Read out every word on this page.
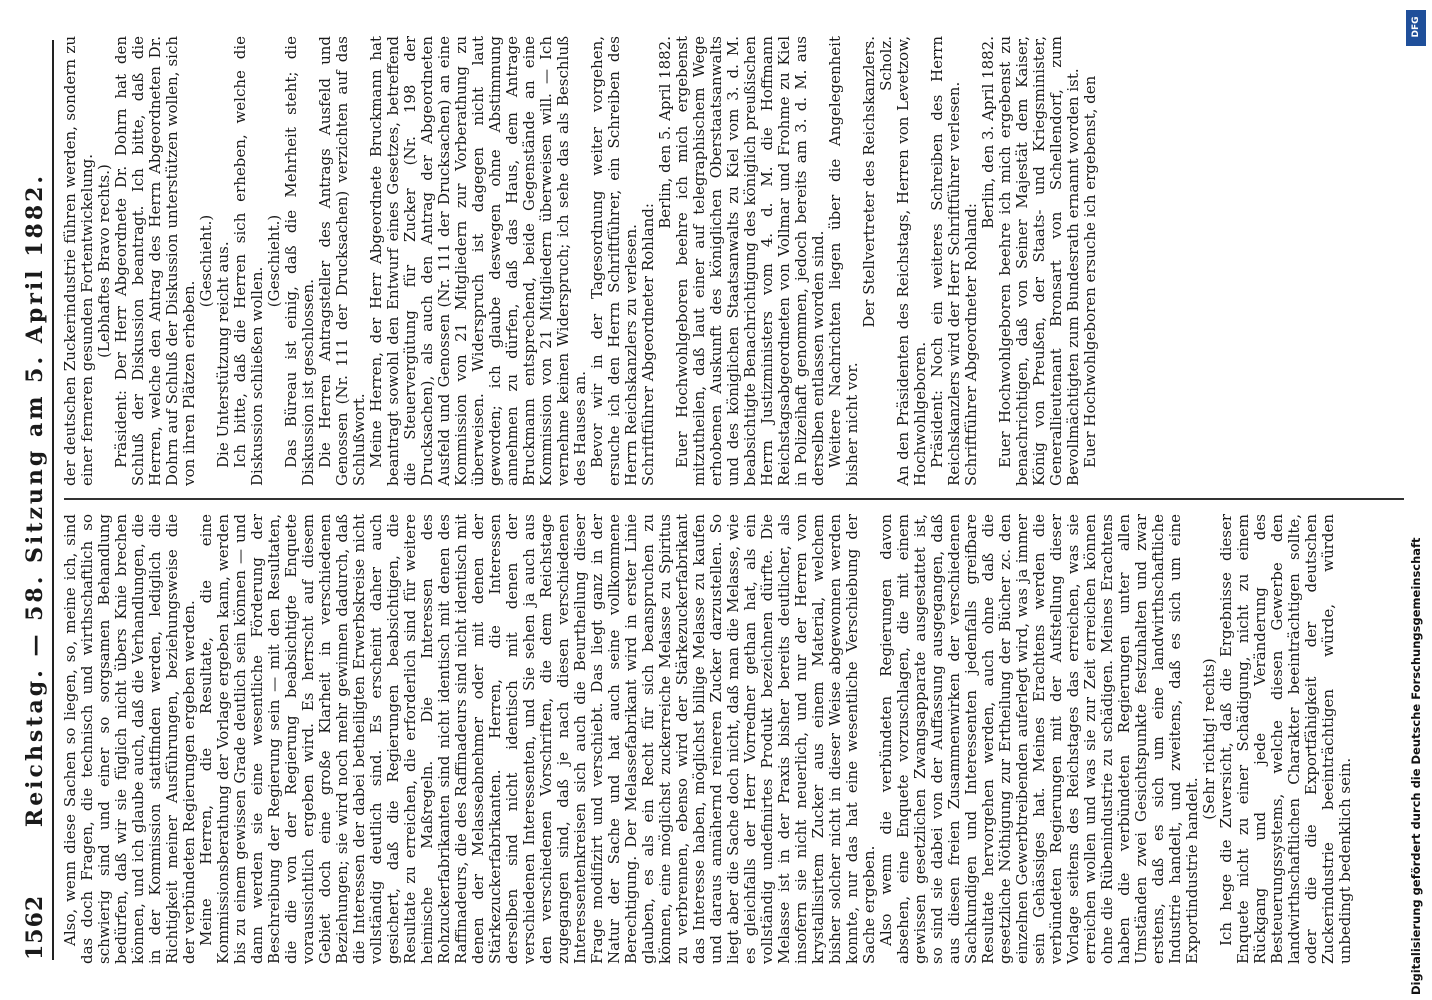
1562
Reichstag. — 58. Sitzung am 5. April 1882. Also, wenn diese Sachen so liegen, so, meine ich, sind das doch Fragen, die technisch und wirthschaftlich so schwierig sind und einer so sorgsamen Behandlung bedürfen, daß wir sie füglich nicht übers Knie brechen können, und ich glaube auch, daß die Verhandlungen, die in der Kommission stattfinden werden, lediglich die Richtigkeit meiner Ausführungen, beziehungsweise die der verbündeten Regierungen ergeben werden. Meine Herren, die Resultate, die eine Kommissionsberathung der Vorlage ergeben kann, werden bis zu einem gewissen Grade deutlich sein können — und dann werden sie eine wesentliche Förderung der Beschreibung der Regierung sein — mit den Resultaten, die die von der Regierung beabsichtigte Enquete voraussichtlich ergeben wird. Es herrscht auf diesem Gebiet doch eine große Klarheit in verschiedenen Beziehungen; sie wird noch mehr gewinnen dadurch, daß die Interessen der dabei betheiligten Erwerbskreise nicht vollständig deutlich sind. Es erscheint daher auch gesichert, daß die Regierungen beabsichtigen, die Resultate zu erreichen, die erforderlich sind für weitere heimische Maßregeln. Die Interessen des Rohzuckerfabrikanten sind nicht identisch mit denen des Raffinadeurs, die des Raffinadeurs sind nicht identisch mit denen der Melasseabnehmer oder mit denen der Stärkezuckerfabrikanten. Herren, die Interessen derselben sind nicht identisch mit denen der verschiedenen Interessenten, und Sie sehen ja auch aus den verschiedenen Vorschriften, die dem Reichstage zugegangen sind, daß je nach diesen verschiedenen Interessentenkreisen sich auch die Beurtheilung dieser Frage modifizirt und verschiebt. Das liegt ganz in der Natur der Sache und hat auch seine vollkommene Berechtigung. Der Melassefabrikant wird in erster Linie glauben, es als ein Recht für sich beanspruchen zu können, eine möglichst zuckerreiche Melasse zu Spiritus zu verbrennen, ebenso wird der Stärkezuckerfabrikant das Interesse haben, möglichst billige Melasse zu kaufen und daraus annähernd reineren Zucker darzustellen. So liegt aber die Sache doch nicht, daß man die Melasse, wie es gleichfalls der Herr Vorredner gethan hat, als ein vollständig undefinirtes Produkt bezeichnen dürfte. Die Melasse ist in der Praxis bisher bereits deutlicher, als insofern sie nicht neuerlich, und nur der Herren von krystallisirtem Zucker aus einem Material, welchem bisher solcher nicht in dieser Weise abgewonnen werden konnte, nur das hat eine wesentliche Verschiebung der Sache ergeben. Also wenn die verbündeten Regierungen davon absehen, eine Enquete vorzuschlagen, die mit einem gewissen gesetzlichen Zwangsapparate ausgestattet ist, so sind sie dabei von der Auffassung ausgegangen, daß aus diesen freien Zusammenwirken der verschiedenen Sachkundigen und Interessenten jedenfalls greifbare Resultate hervorgehen werden, auch ohne daß die gesetzliche Nöthigung zur Ertheilung der Bücher zc. den einzelnen Gewerbtreibenden auferlegt wird, was ja immer sein Gehässiges hat. Meines Erachtens werden die verbündeten Regierungen mit der Aufstellung dieser Vorlage seitens des Reichstages das erreichen, was sie erreichen wollen und was sie zur Zeit erreichen können ohne die Rübenindustrie zu schädigen. Meines Erachtens haben die verbündeten Regierungen unter allen Umständen zwei Gesichtspunkte festzuhalten und zwar erstens, daß es sich um eine landwirthschaftliche Industrie handelt, und zweitens, daß es sich um eine Exportindustrie handelt.

(Sehr richtig! rechts) Ich hege die Zuversicht, daß die Ergebnisse dieser Enquete nicht zu einer Schädigung, nicht zu einem Rückgang und jede Veränderung des Besteuerungssystems, welche diesen Gewerbe den landwirthschaftlichen Charakter beeinträchtigen sollte, oder die die Exportfähigkeit der deutschen Zuckerindustrie beeinträchtigen würde, würden unbedingt bedenklich sein.

der deutschen Zuckerindustrie führen werden, sondern zu einer ferneren gesunden Fortentwickelung. (Lebhaftes Bravo rechts.) Präsident: Der Herr Abgeordnete Dr. Dohrn hat den Schluß der Diskussion beantragt. Ich bitte, daß die Herren, welche den Antrag des Herrn Abgeordneten Dr. Dohrn auf Schluß der Diskussion unterstützen wollen, sich von ihren Plätzen erheben.

(Geschieht.) Die Unterstützung reicht aus. Ich bitte, daß die Herren sich erheben, welche die Diskussion schließen wollen.

(Geschieht.) Das Büreau ist einig, daß die Mehrheit steht; die Diskussion ist geschlossen. Die Herren Antragsteller des Antrags Ausfeld und Genossen (Nr. 111 der Drucksachen) verzichten auf das Schlußwort. Meine Herren, der Herr Abgeordnete Bruckmann hat beantragt sowohl den Entwurf eines Gesetzes, betreffend die Steuervergütung für Zucker (Nr. 198 der Drucksachen), als auch den Antrag der Abgeordneten Ausfeld und Genossen (Nr. 111 der Drucksachen) an eine Kommission von 21 Mitgliedern zur Vorberathung zu überweisen. Widerspruch ist dagegen nicht laut geworden; ich glaube deswegen ohne Abstimmung annehmen zu dürfen, daß das Haus, dem Antrage Bruckmann entsprechend, beide Gegenstände an eine Kommission von 21 Mitgliedern überweisen will. — Ich vernehme keinen Widerspruch; ich sehe das als Beschluß des Hauses an. Bevor wir in der Tagesordnung weiter vorgehen, ersuche ich den Herrn Schriftführer, ein Schreiben des Herrn Reichskanzlers zu verlesen. Schriftführer Abgeordneter Rohland:

Berlin, den 5. April 1882. Euer Hochwohlgeboren beehre ich mich ergebenst mitzutheilen, daß laut einer auf telegraphischem Wege erhobenen Auskunft des königlichen Oberstaatsanwalts und des königlichen Staatsanwalts zu Kiel vom 3. d. M. beabsichtigte Benachrichtigung des königlich preußischen Herrn Justizministers vom 4. d. M. die Hoffmann Reichstagsabgeordneten von Vollmar und Frohme zu Kiel in Polizeihaft genommen, jedoch bereits am 3. d. M. aus derselben entlassen worden sind. Weitere Nachrichten liegen über die Angelegenheit bisher nicht vor.

Der Stellvertreter des Reichskanzlers. Scholz. An den Präsidenten des Reichstags, Herren von Levetzow, Hochwohlgeboren. Präsident: Noch ein weiteres Schreiben des Herrn Reichskanzlers wird der Herr Schriftführer verlesen. Schriftführer Abgeordneter Rohland:

Berlin, den 3. April 1882. Euer Hochwohlgeboren beehre ich mich ergebenst zu benachrichtigen, daß von Seiner Majestät dem Kaiser, König von Preußen, der Staats- und Kriegsminister, Generallieutenant Bronsart von Schellendorf, zum Bevollmächtigten zum Bundesrath ernannt worden ist. Euer Hochwohlgeboren ersuche ich ergebenst, den

DFG
Digitalisierung gefördert durch die Deutsche Forschungsgemeinschaft
